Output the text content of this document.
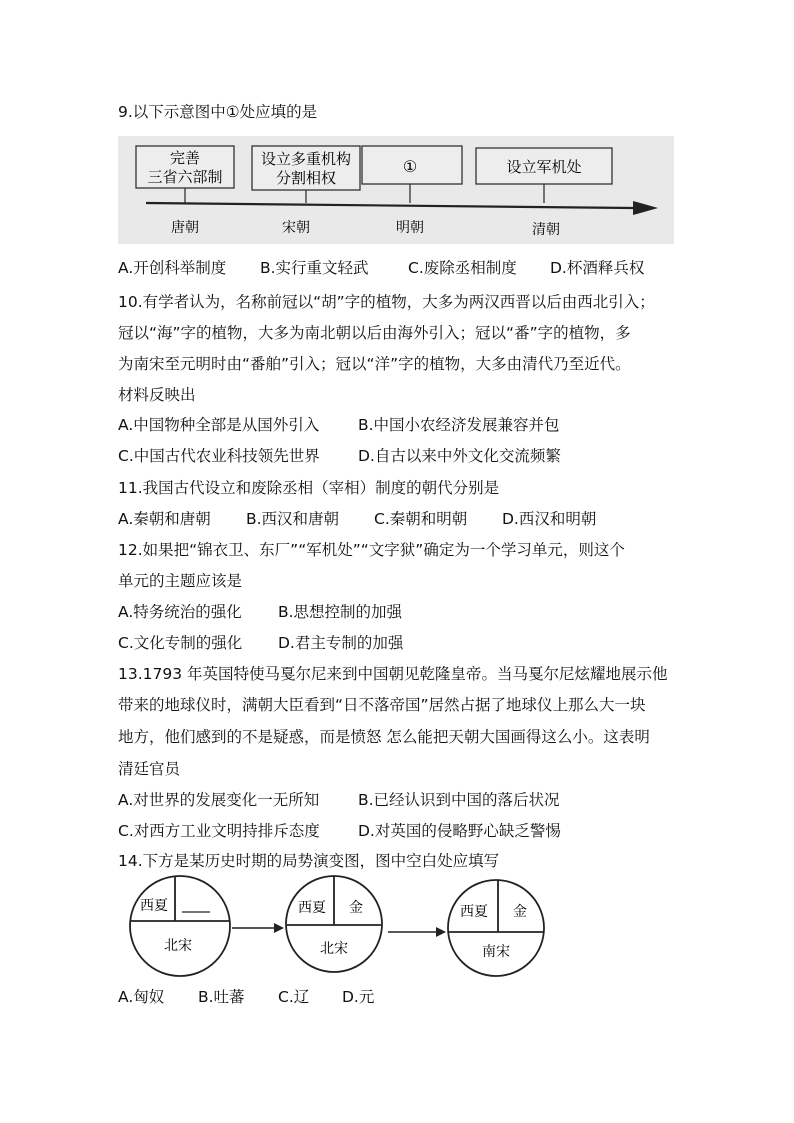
9.以下示意图中①处应填的是
完善
三省六部制
设立多重机构
分割相权
①	设立军机处
唐朝	宋朝	明朝	清朝
A.开创科举制度 B.实行重文轻武	C.废除丞相制度 D.杯酒释兵权
10.有学者认为，名称前冠以“胡”字的植物，大多为两汉西晋以后由西北引入；
冠以“海”字的植物，大多为南北朝以后由海外引入；冠以“番”字的植物，多
为南宋至元明时由“番舶”引入；冠以“洋”字的植物，大多由清代乃至近代。
材料反映出
A.中国物种全部是从国外引入 B.中国小农经济发展兼容并包
C.中国古代农业科技领先世界 D.自古以来中外文化交流频繁
11.我国古代设立和废除丞相（宰相）制度的朝代分别是
A.秦朝和唐朝 B.西汉和唐朝 C.秦朝和明朝 D.西汉和明朝
12.如果把“锦衣卫、东厂”“军机处”“文字狱”确定为一个学习单元，则这个
单元的主题应该是
A.特务统治的强化 B.思想控制的加强
C.文化专制的强化 D.君主专制的加强
13.1793 年英国特使马戛尔尼来到中国朝见乾隆皇帝。当马戛尔尼炫耀地展示他
带来的地球仪时，满朝大臣看到“日不落帝国”居然占据了地球仪上那么大一块
地方，他们感到的不是疑惑，而是愤怒 怎么能把天朝大国画得这么小。这表明
清廷官员
A.对世界的发展变化一无所知 B.已经认识到中国的落后状况
C.对西方工业文明持排斥态度 D.对英国的侵略野心缺乏警惕
14.下方是某历史时期的局势演变图，图中空白处应填写
西夏
北宋
西夏 金
北宋
西夏 金
南宋
A.匈奴 B.吐蕃 C.辽 D.元
